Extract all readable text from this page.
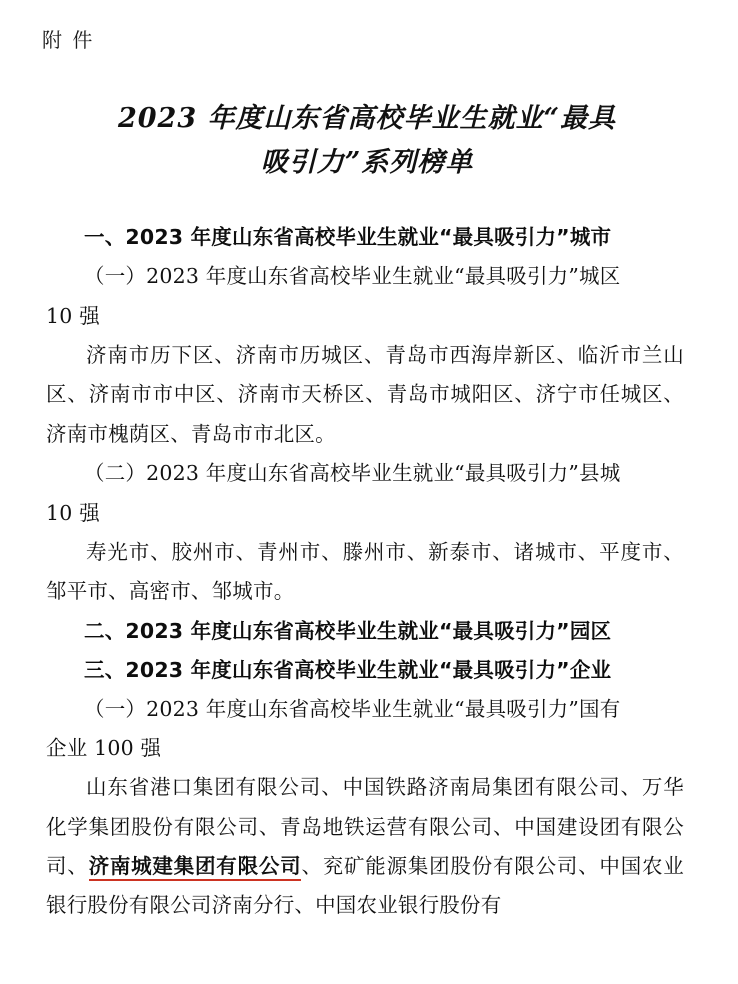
附 件
2023 年度山东省高校毕业生就业“最具
吸引力”系列榜单

一、2023 年度山东省高校毕业生就业“最具吸引力”城市

（一）2023 年度山东省高校毕业生就业“最具吸引力”城区

10 强

济南市历下区、济南市历城区、青岛市西海岸新区、临沂市兰山区、济南市市中区、济南市天桥区、青岛市城阳区、济宁市任城区、济南市槐荫区、青岛市市北区。

（二）2023 年度山东省高校毕业生就业“最具吸引力”县城

10 强

寿光市、胶州市、青州市、滕州市、新泰市、诸城市、平度市、邹平市、高密市、邹城市。

二、2023 年度山东省高校毕业生就业“最具吸引力”园区

三、2023 年度山东省高校毕业生就业“最具吸引力”企业

（一）2023 年度山东省高校毕业生就业“最具吸引力”国有

企业 100 强

山东省港口集团有限公司、中国铁路济南局集团有限公司、万华化学集团股份有限公司、青岛地铁运营有限公司、中国建设团有限公司、济南城建集团有限公司、兖矿能源集团股份有限公司、中国农业银行股份有限公司济南分行、中国农业银行股份有
